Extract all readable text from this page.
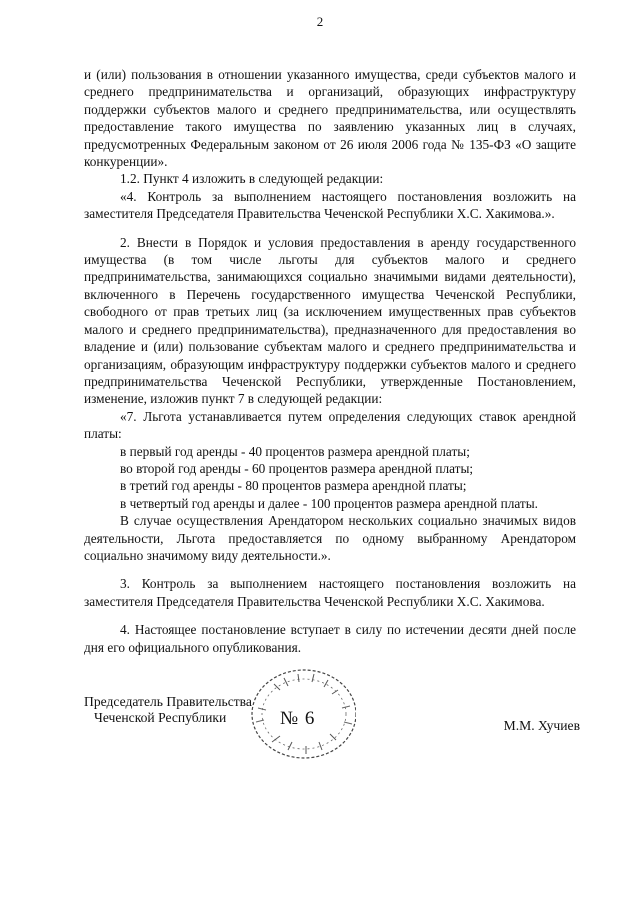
2

и (или) пользования в отношении указанного имущества, среди субъектов малого и среднего предпринимательства и организаций, образующих инфраструктуру поддержки субъектов малого и среднего предпринимательства, или осуществлять предоставление такого имущества по заявлению указанных лиц в случаях, предусмотренных Федеральным законом от 26 июля 2006 года № 135-ФЗ «О защите конкуренции».

1.2. Пункт 4 изложить в следующей редакции:

«4. Контроль за выполнением настоящего постановления возложить на заместителя Председателя Правительства Чеченской Республики Х.С. Хакимова.».

2. Внести в Порядок и условия предоставления в аренду государственного имущества (в том числе льготы для субъектов малого и среднего предпринимательства, занимающихся социально значимыми видами деятельности), включенного в Перечень государственного имущества Чеченской Республики, свободного от прав третьих лиц (за исключением имущественных прав субъектов малого и среднего предпринимательства), предназначенного для предоставления во владение и (или) пользование субъектам малого и среднего предпринимательства и организациям, образующим инфраструктуру поддержки субъектов малого и среднего предпринимательства Чеченской Республики, утвержденные Постановлением, изменение, изложив пункт 7 в следующей редакции:

«7. Льгота устанавливается путем определения следующих ставок арендной платы:

в первый год аренды - 40 процентов размера арендной платы;

во второй год аренды - 60 процентов размера арендной платы;

в третий год аренды - 80 процентов размера арендной платы;

в четвертый год аренды и далее - 100 процентов размера арендной платы.

В случае осуществления Арендатором нескольких социально значимых видов деятельности, Льгота предоставляется по одному выбранному Арендатором социально значимому виду деятельности.».

3. Контроль за выполнением настоящего постановления возложить на заместителя Председателя Правительства Чеченской Республики Х.С. Хакимова.

4. Настоящее постановление вступает в силу по истечении десяти дней после дня его официального опубликования.

№ 6
Председатель Правительства
Чеченской Республики
М.М. Хучиев
